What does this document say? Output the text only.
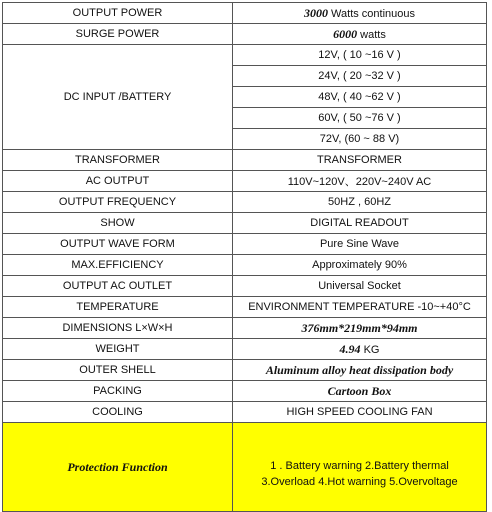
OUTPUT POWER	3000 Watts continuous
SURGE POWER	6000 watts
DC INPUT /BATTERY	12V, ( 10 ~16 V )
	24V, ( 20 ~32 V )
	48V, ( 40 ~62 V )
	60V, ( 50 ~76 V )
	72V, (60 ~ 88 V)
TRANSFORMER	TRANSFORMER
AC OUTPUT	110V~120V、220V~240V AC
OUTPUT FREQUENCY	50HZ , 60HZ
SHOW	DIGITAL READOUT
OUTPUT WAVE FORM	Pure Sine Wave
MAX.EFFICIENCY	Approximately 90%
OUTPUT AC OUTLET	Universal Socket
TEMPERATURE	ENVIRONMENT TEMPERATURE -10~+40°C
DIMENSIONS L×W×H	376mm*219mm*94mm
WEIGHT	4.94 KG
OUTER SHELL	Aluminum alloy heat dissipation body
PACKING	Cartoon Box
COOLING	HIGH SPEED COOLING FAN
Protection Function	1 . Battery warning 2.Battery thermal
3.Overload 4.Hot warning 5.Overvoltage
